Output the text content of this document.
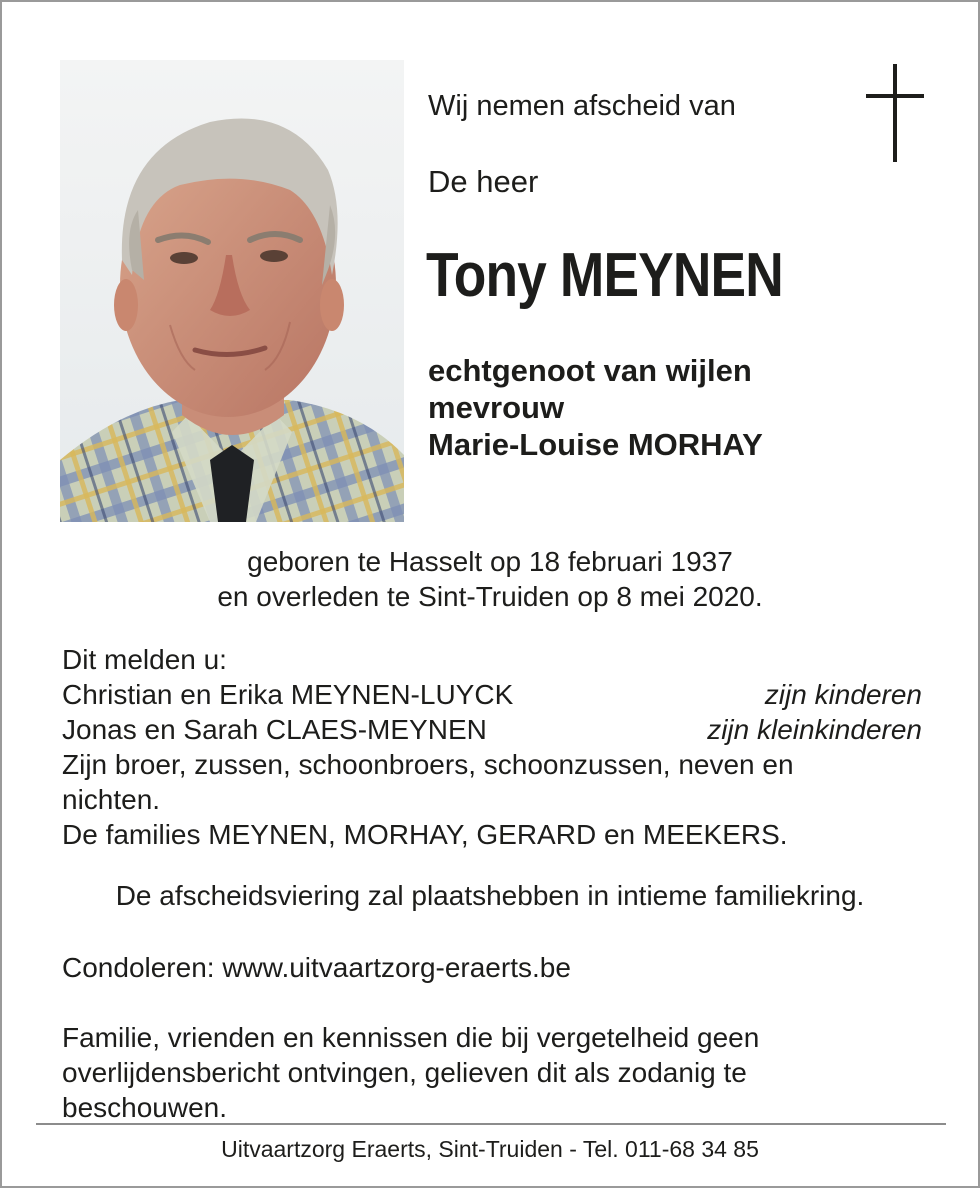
Wij nemen afscheid van
De heer
Tony MEYNEN
echtgenoot van wijlen
mevrouw
Marie-Louise MORHAY
geboren te Hasselt op 18 februari 1937
en overleden te Sint-Truiden op 8 mei 2020.
Dit melden u:
Christian en Erika MEYNEN-LUYCK	zijn kinderen
Jonas en Sarah CLAES-MEYNEN	zijn kleinkinderen
Zijn broer, zussen, schoonbroers, schoonzussen, neven en
nichten.
De families MEYNEN, MORHAY, GERARD en MEEKERS.
De afscheidsviering zal plaatshebben in intieme familiekring.
Condoleren: www.uitvaartzorg-eraerts.be
Familie, vrienden en kennissen die bij vergetelheid geen
overlijdensbericht ontvingen, gelieven dit als zodanig te
beschouwen.
Uitvaartzorg Eraerts, Sint-Truiden - Tel. 011-68 34 85
